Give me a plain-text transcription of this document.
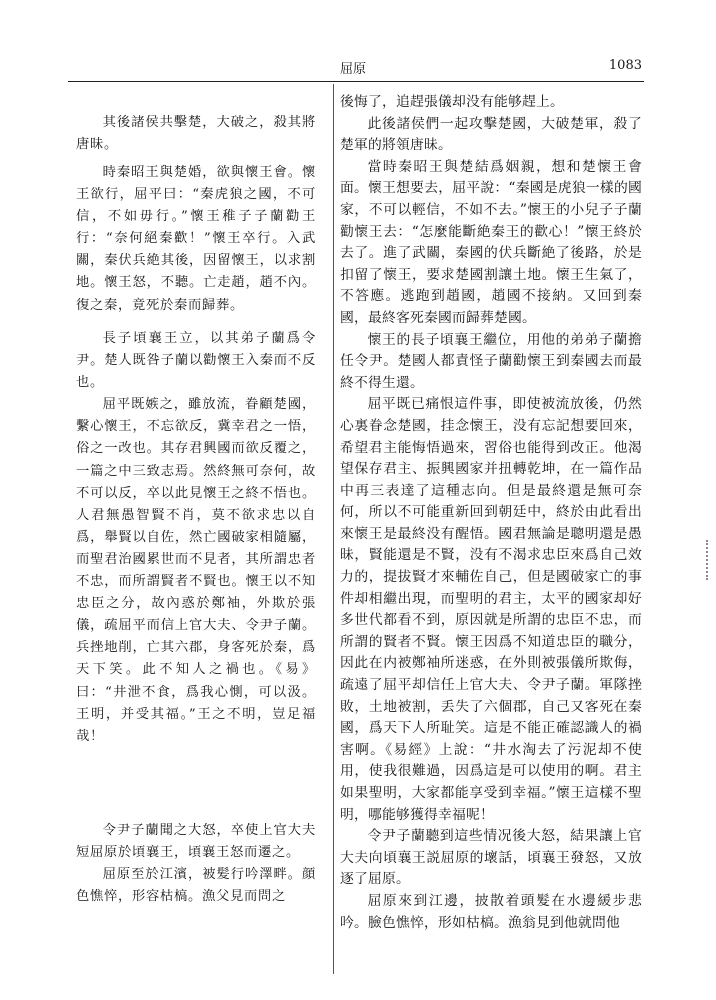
屈原	1083

其後諸侯共擊楚，大破之，殺其將唐昧。

時秦昭王與楚婚，欲與懷王會。懷王欲行，屈平曰：“秦虎狼之國，不可信，不如毋行。”懷王稚子子蘭勸王行：“奈何絕秦歡！”懷王卒行。入武關，秦伏兵絶其後，因留懷王，以求割地。懷王怒，不聽。亡走趙，趙不內。復之秦，竟死於秦而歸葬。

長子頃襄王立，以其弟子蘭爲令尹。楚人既咎子蘭以勸懷王入秦而不反也。

屈平既嫉之，雖放流，眷顧楚國，繫心懷王，不忘欲反，冀幸君之一悟，俗之一改也。其存君興國而欲反覆之，一篇之中三致志焉。然終無可奈何，故不可以反，卒以此見懷王之終不悟也。人君無愚智賢不肖，莫不欲求忠以自爲，舉賢以自佐，然亡國破家相隨屬，而聖君治國累世而不見者，其所謂忠者不忠，而所謂賢者不賢也。懷王以不知忠臣之分，故內惑於鄭袖，外欺於張儀，疏屈平而信上官大夫、令尹子蘭。兵挫地削，亡其六郡，身客死於秦，爲天下笑。此不知人之禍也。《易》曰：“井泄不食，爲我心惻，可以汲。王明，并受其福。”王之不明，豈足福哉！

令尹子蘭聞之大怒，卒使上官大夫短屈原於頃襄王，頃襄王怒而遷之。

屈原至於江濱，被髪行吟澤畔。顔色憔悴，形容枯槁。漁父見而問之

後悔了，追趕張儀却没有能够趕上。

此後諸侯們一起攻擊楚國，大破楚軍，殺了楚軍的將領唐昧。

當時秦昭王與楚結爲姻親，想和楚懷王會面。懷王想要去，屈平說：“秦國是虎狼一樣的國家，不可以輕信，不如不去。”懷王的小兒子子蘭勸懷王去：“怎麼能斷絶秦王的歡心！”懷王終於去了。進了武關，秦國的伏兵斷絶了後路，於是扣留了懷王，要求楚國割讓土地。懷王生氣了，不答應。逃跑到趙國，趙國不接納。又回到秦國，最終客死秦國而歸葬楚國。

懷王的長子頃襄王繼位，用他的弟弟子蘭擔任令尹。楚國人都責怪子蘭勸懷王到秦國去而最終不得生還。

屈平既已痛恨這件事，即使被流放後，仍然心裏眷念楚國，挂念懷王，没有忘記想要回來，希望君主能悔悟過來，習俗也能得到改正。他渴望保存君主、振興國家并扭轉乾坤，在一篇作品中再三表達了這種志向。但是最終還是無可奈何，所以不可能重新回到朝廷中，終於由此看出來懷王是最終没有醒悟。國君無論是聰明還是愚昧，賢能還是不賢，没有不渴求忠臣來爲自己效力的，提拔賢才來輔佐自己，但是國破家亡的事件却相繼出現，而聖明的君主，太平的國家却好多世代都看不到，原因就是所謂的忠臣不忠，而所謂的賢者不賢。懷王因爲不知道忠臣的職分，因此在内被鄭袖所迷惑，在外則被張儀所欺侮，疏遠了屈平却信任上官大夫、令尹子蘭。軍隊挫敗，土地被割，丢失了六個郡，自己又客死在秦國，爲天下人所耻笑。這是不能正確認識人的禍害啊。《易經》上說：“井水淘去了污泥却不使用，使我很難過，因爲這是可以使用的啊。君主如果聖明，大家都能享受到幸福。”懷王這樣不聖明，哪能够獲得幸福呢！

令尹子蘭聽到這些情况後大怒，結果讓上官大夫向頃襄王説屈原的壞話，頃襄王發怒，又放逐了屈原。

屈原來到江邊，披散着頭髮在水邊緩步悲吟。臉色憔悴，形如枯槁。漁翁見到他就問他
